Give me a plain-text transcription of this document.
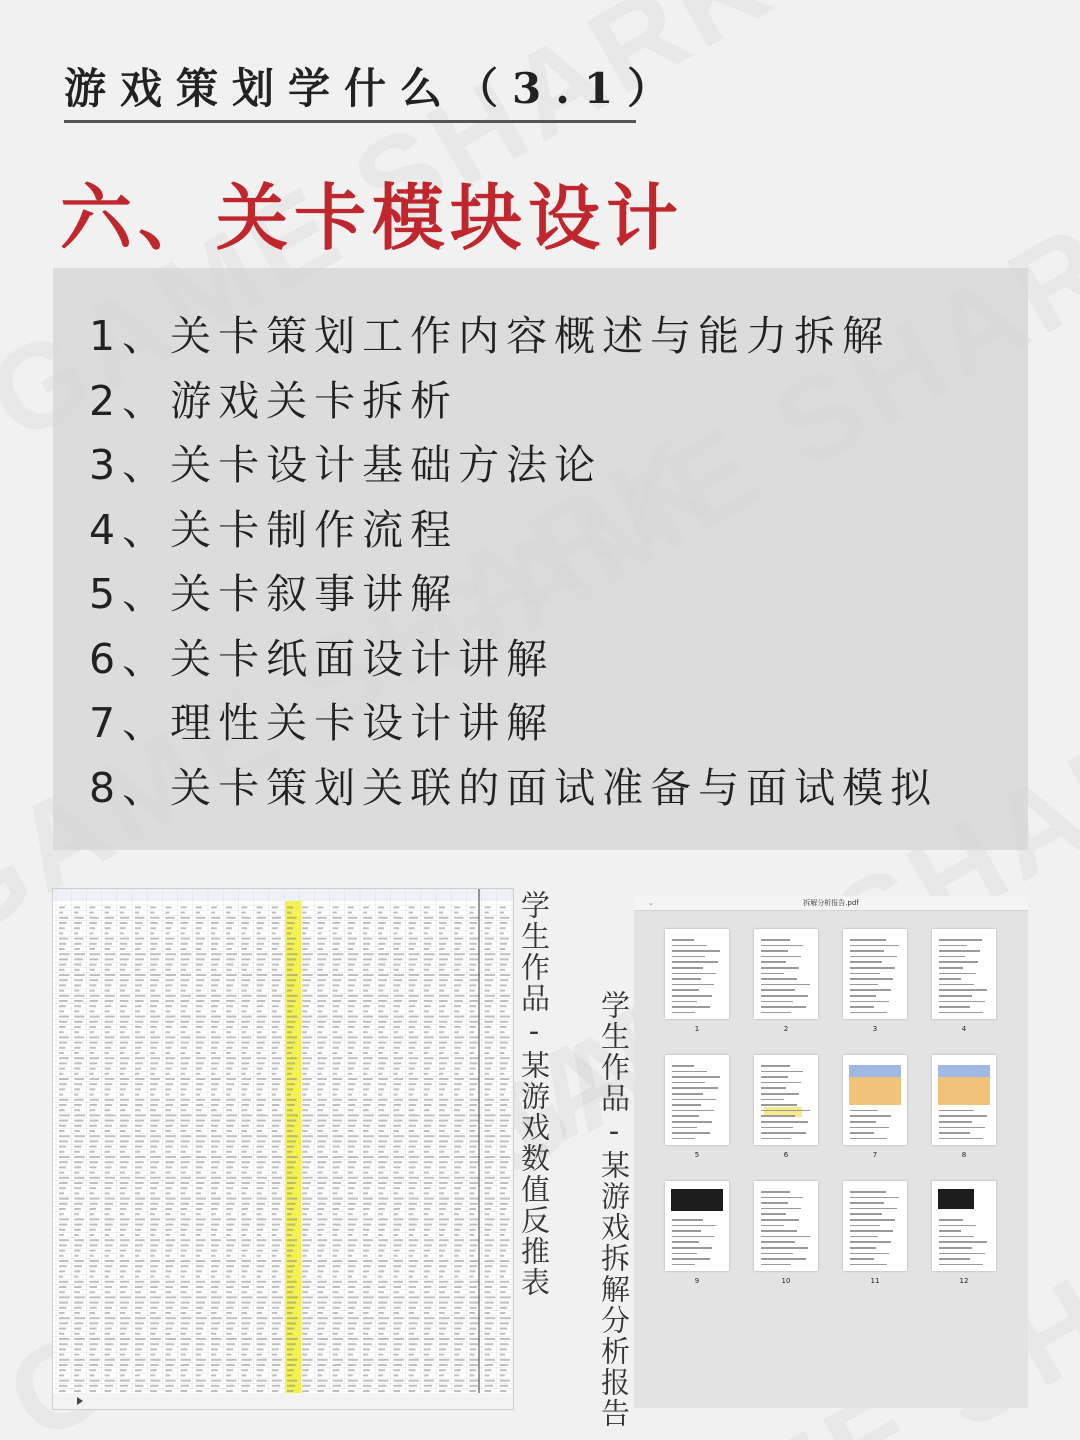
游戏策划学什么（3.1）
六、关卡模块设计
1、关卡策划工作内容概述与能力拆解
2、游戏关卡拆析
3、关卡设计基础方法论
4、关卡制作流程
5、关卡叙事讲解
6、关卡纸面设计讲解
7、理性关卡设计讲解
8、关卡策划关联的面试准备与面试模拟
学生作品-某游戏数值反推表 学生作品-某游戏拆解分析报告
⌄	拆解分析报告.pdf
1	2	3	4
5	6	7	8
9	10	11	12
